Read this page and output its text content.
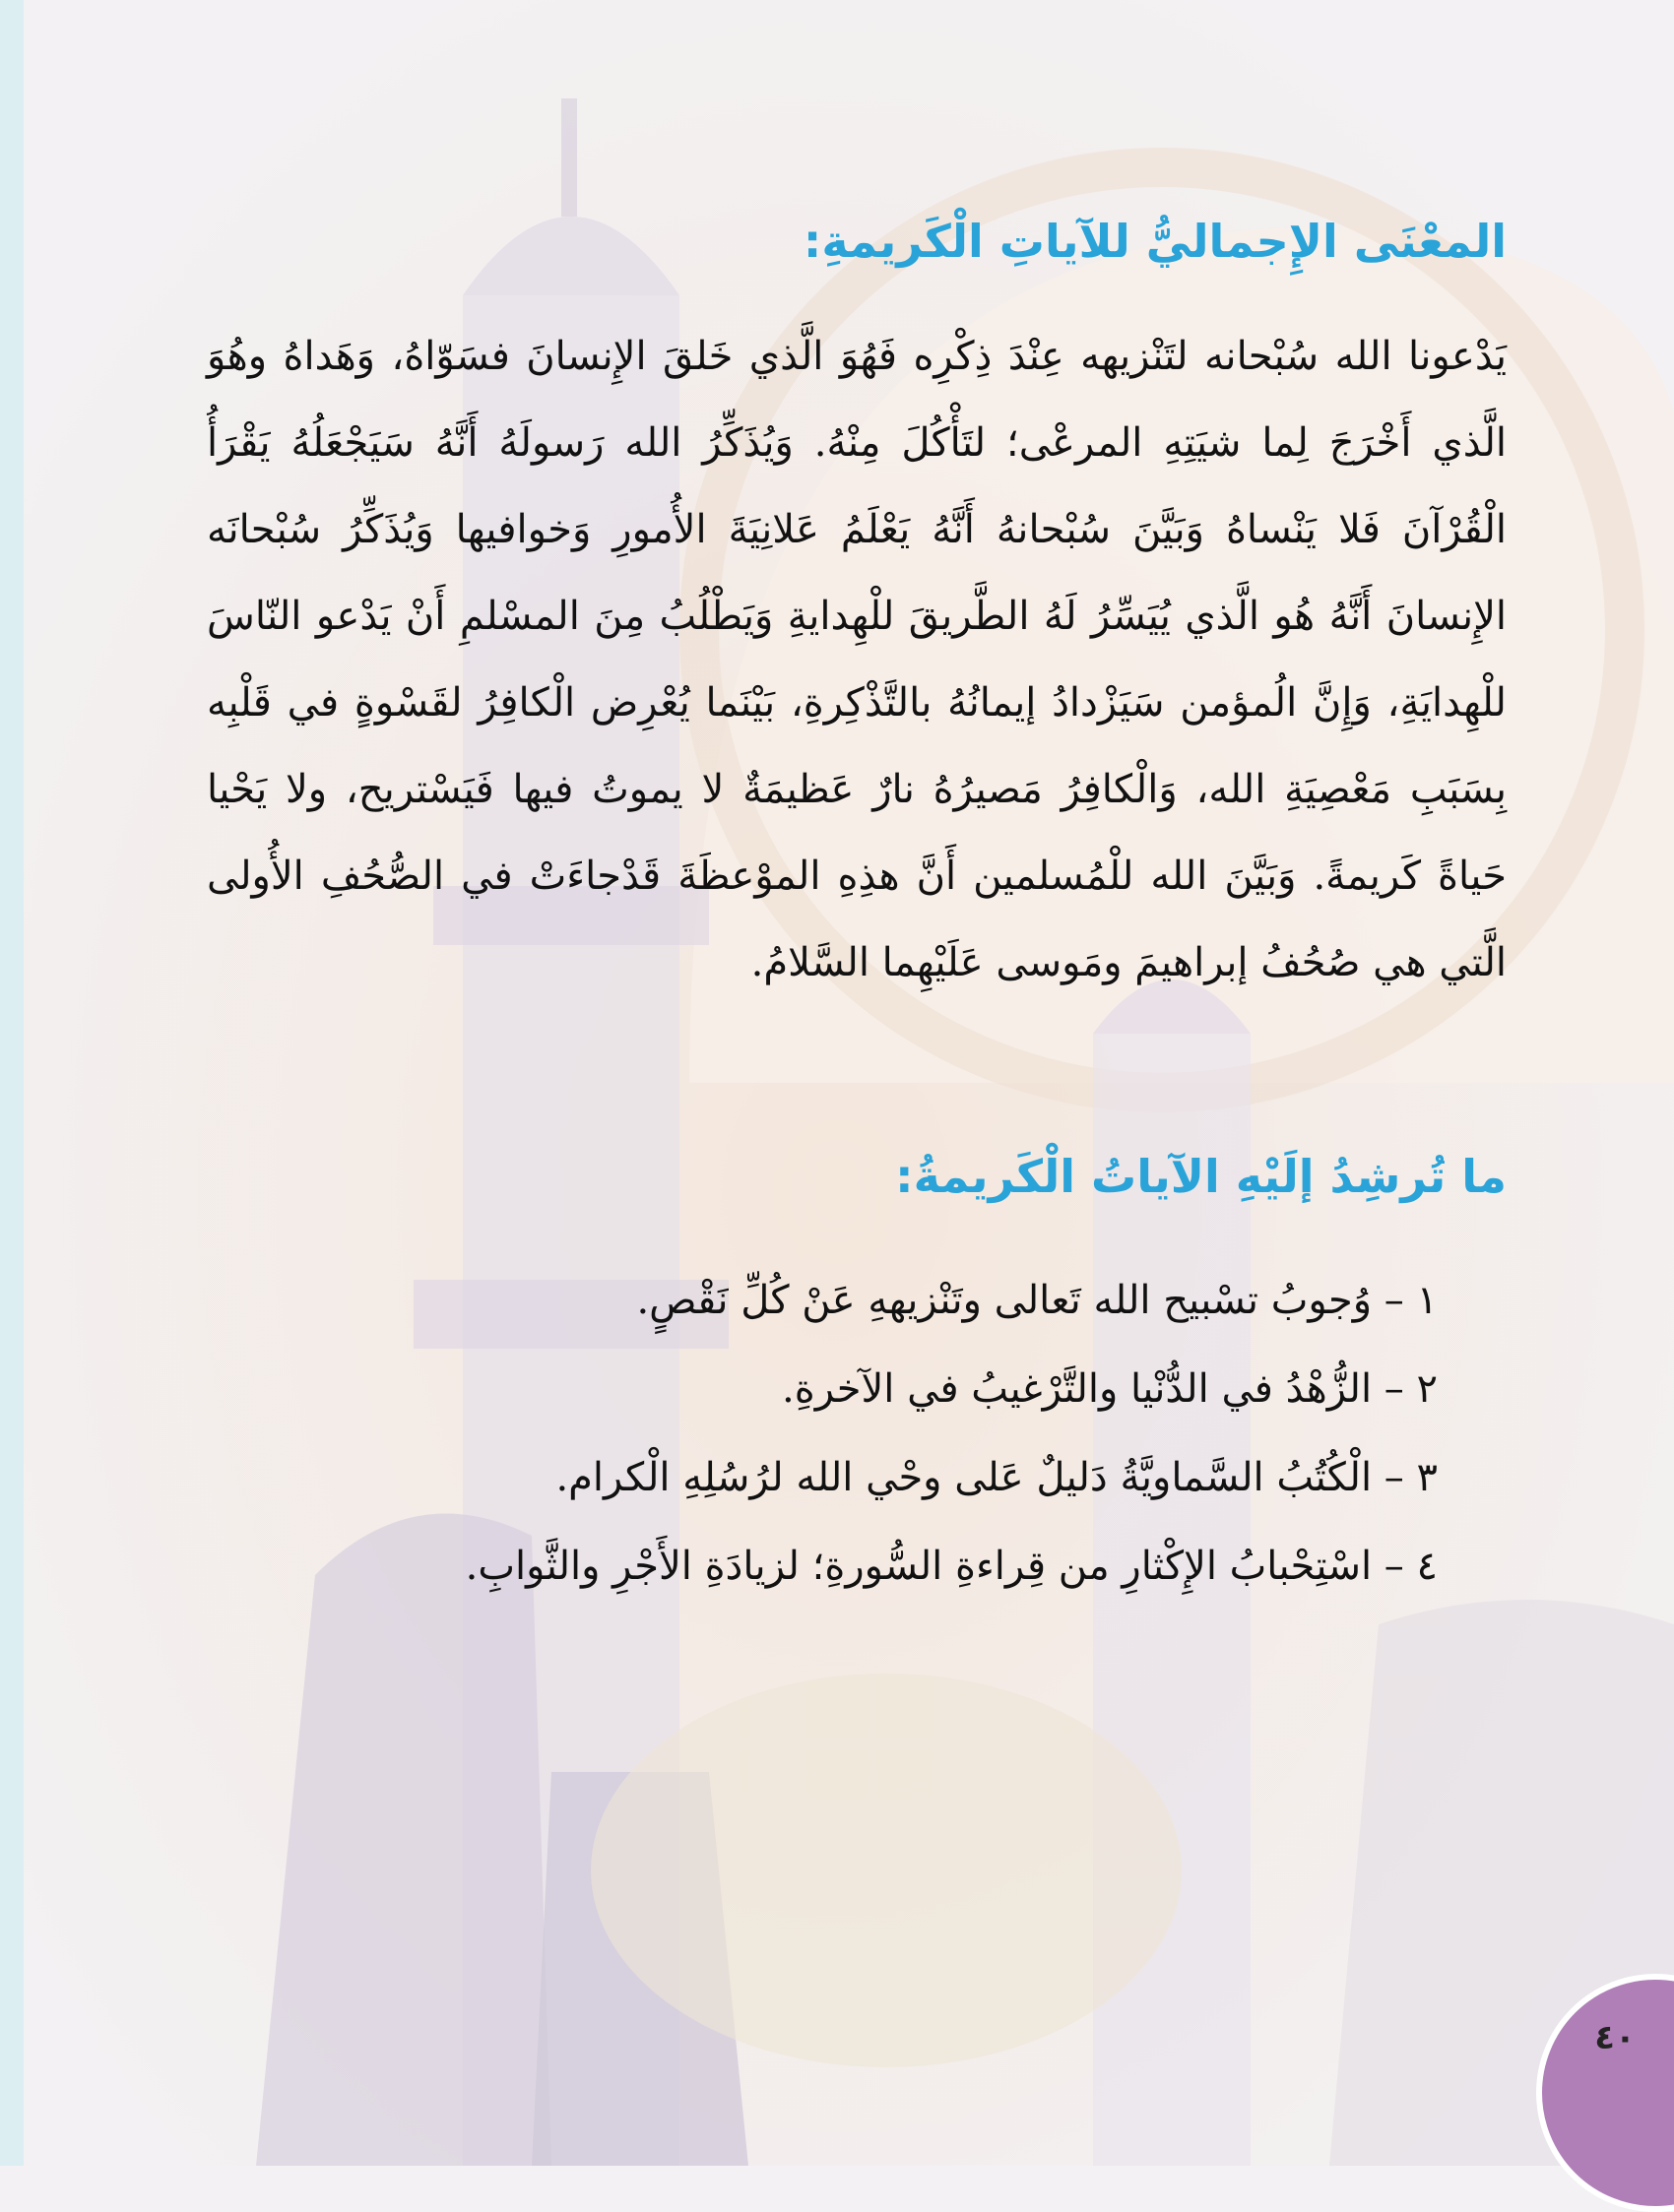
المعْنَى الإِجماليُّ للآياتِ الْكَريمةِ:

يَدْعونا الله سُبْحانه لتَنْزيهه عِنْدَ ذِكْرِه فَهُوَ الَّذي خَلقَ الإِنسانَ فسَوّاهُ، وَهَداهُ وهُوَ الَّذي أَخْرَجَ لِما شيَتِهِ المرعْى؛ لتَأْكُلَ مِنْهُ. وَيُذَكِّرُ الله رَسولَهُ أَنَّهُ سَيَجْعَلُهُ يَقْرَأُ الْقُرْآنَ فَلا يَنْساهُ وَبَيَّنَ سُبْحانهُ أَنَّهُ يَعْلَمُ عَلانِيَةَ الأُمورِ وَخوافيها وَيُذَكِّرُ سُبْحانَه الإِنسانَ أَنَّهُ هُو الَّذي يُيَسِّرُ لَهُ الطَّريقَ للْهِدايةِ وَيَطْلُبُ مِنَ المسْلمِ أَنْ يَدْعو النّاسَ للْهِدايَةِ، وَإِنَّ الُمؤمن سَيَزْدادُ إيمانُهُ بالتَّذْكِرةِ، بَيْنَما يُعْرِض الْكافِرُ لقَسْوةٍ في قَلْبِه بِسَبَبِ مَعْصِيَةِ الله، وَالْكافِرُ مَصيرُهُ نارٌ عَظيمَةٌ لا يموتُ فيها فَيَسْتريح، ولا يَحْيا حَياةً كَريمةً. وَبَيَّنَ الله للْمُسلمين أَنَّ هذِهِ الموْعظَةَ قَدْجاءَتْ في الصُّحُفِ الأُولى الَّتي هي صُحُفُ إبراهيمَ ومَوسى عَلَيْهِما السَّلامُ.

ما تُرشِدُ إلَيْهِ الآياتُ الْكَريمةُ:
١ – وُجوبُ تسْبيح الله تَعالى وتَنْزيههِ عَنْ كُلِّ نَقْصٍ.
٢ – الزُّهْدُ في الدُّنْيا والتَّرْغيبُ في الآخرةِ.
٣ – الْكُتُبُ السَّماويَّةُ دَليلٌ عَلى وحْي الله لرُسُلِهِ الْكرام.
٤ – اسْتِحْبابُ الإِكْثارِ من قِراءةِ السُّورةِ؛ لزيادَةِ الأَجْرِ والثَّوابِ.
٤٠
